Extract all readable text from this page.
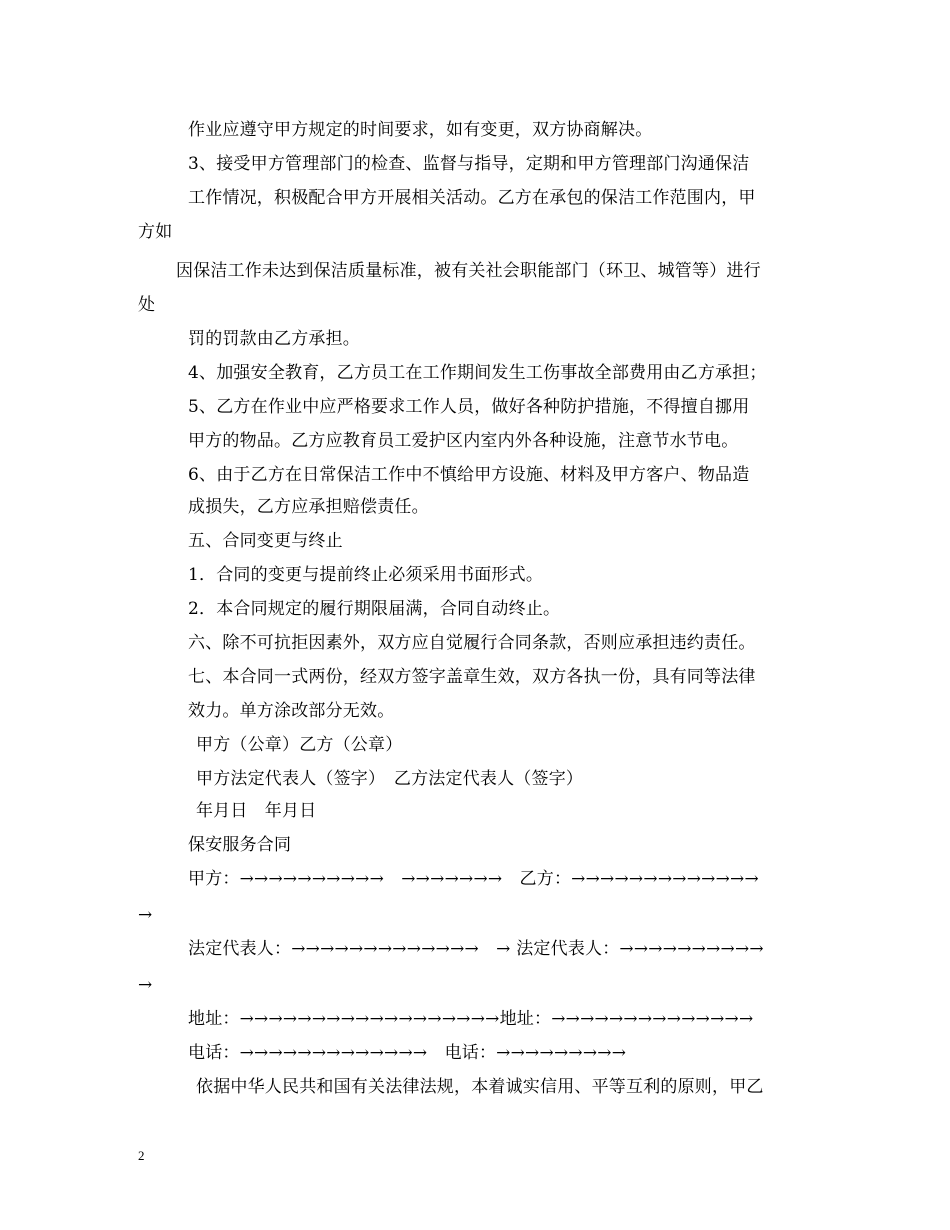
作业应遵守甲方规定的时间要求，如有变更，双方协商解决。
3、接受甲方管理部门的检查、监督与指导，定期和甲方管理部门沟通保洁
工作情况，积极配合甲方开展相关活动。乙方在承包的保洁工作范围内，甲
方如
因保洁工作未达到保洁质量标准，被有关社会职能部门（环卫、城管等）进行
处
罚的罚款由乙方承担。
4、加强安全教育，乙方员工在工作期间发生工伤事故全部费用由乙方承担；
5、乙方在作业中应严格要求工作人员，做好各种防护措施，不得擅自挪用
甲方的物品。乙方应教育员工爱护区内室内外各种设施，注意节水节电。
6、由于乙方在日常保洁工作中不慎给甲方设施、材料及甲方客户、物品造
成损失，乙方应承担赔偿责任。
五、合同变更与终止
1．合同的变更与提前终止必须采用书面形式。
2．本合同规定的履行期限届满，合同自动终止。
六、除不可抗拒因素外，双方应自觉履行合同条款，否则应承担违约责任。
七、本合同一式两份，经双方签字盖章生效，双方各执一份，具有同等法律
效力。单方涂改部分无效。
甲方（公章）乙方（公章）
甲方法定代表人（签字）　乙方法定代表人（签字）
年月日　年月日
保安服务合同
甲方：→→→→→→→→→→　→→→→→→→　乙方：→→→→→→→→→→→→→
→
法定代表人：→→→→→→→→→→→→→　→ 法定代表人：→→→→→→→→→→
→
地址：→→→→→→→→→→→→→→→→→→地址：→→→→→→→→→→→→→→
电话：→→→→→→→→→→→→→　电话：→→→→→→→→→
依据中华人民共和国有关法律法规，本着诚实信用、平等互利的原则，甲乙
2
